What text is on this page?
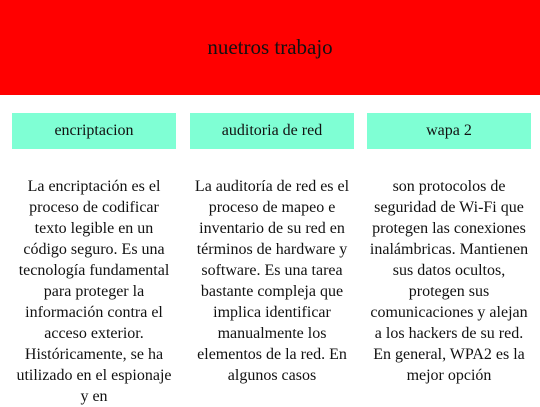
nuetros trabajo
encriptacion	auditoria de red	wapa 2

La encriptación es el proceso de codificar texto legible en un código seguro. Es una tecnología fundamental para proteger la información contra el acceso exterior. Históricamente, se ha utilizado en el espionaje y en

La auditoría de red es el proceso de mapeo e inventario de su red en términos de hardware y software. Es una tarea bastante compleja que implica identificar manualmente los elementos de la red. En algunos casos

son protocolos de seguridad de Wi-Fi que protegen las conexiones inalámbricas. Mantienen sus datos ocultos, protegen sus comunicaciones y alejan a los hackers de su red. En general, WPA2 es la mejor opción
